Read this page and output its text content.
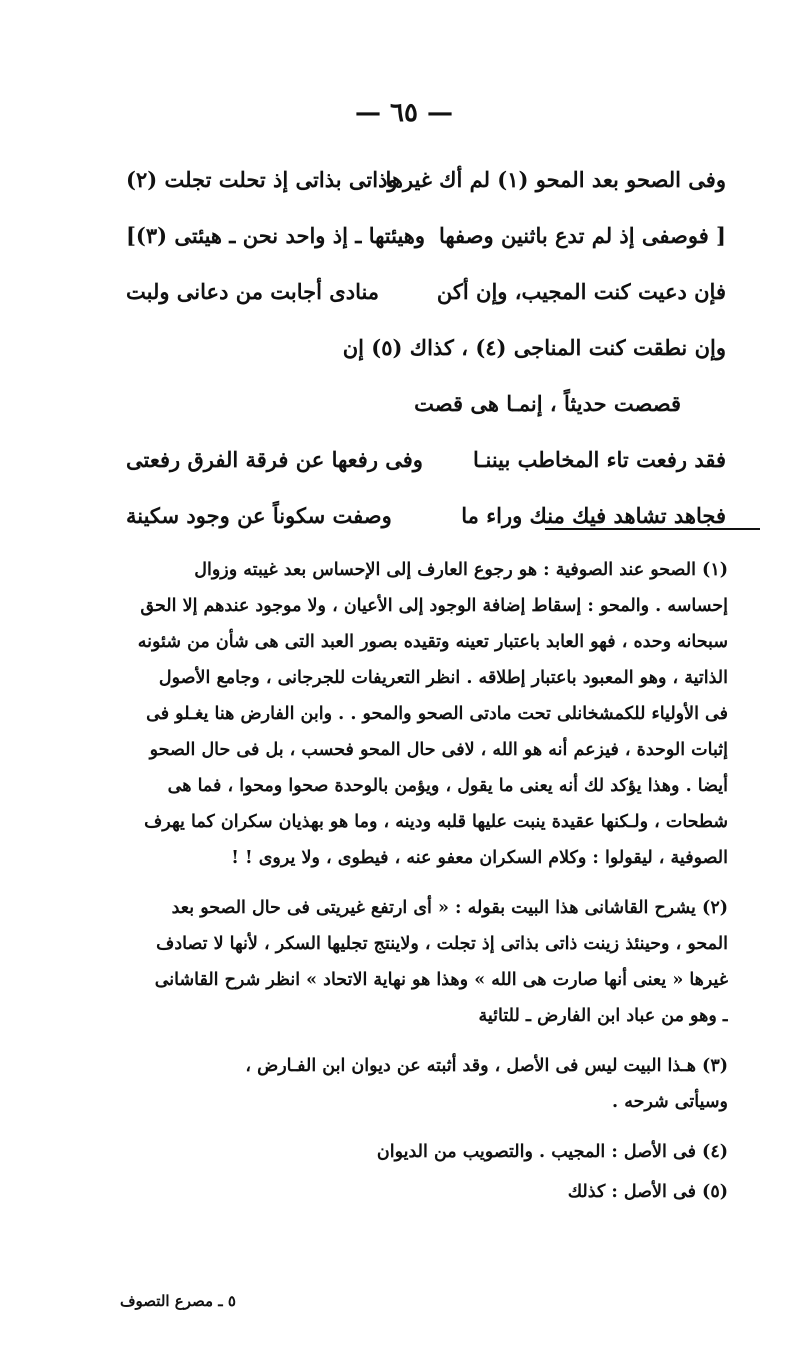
— ٦٥ —
وفى الصحو بعد المحو (١) لم أك غيرها
وذاتى بذاتى إذ تحلت تجلت (٢)
[ فوصفى إذ لم تدع باثنين وصفها
وهيئتها ـ إذ واحد نحن ـ هيئتى (٣)]
فإن دعيت كنت المجيب، وإن أكن
منادى أجابت من دعانى ولبت
وإن نطقت كنت المناجى (٤) ، كذاك (٥) إن
قصصت حديثاً ، إنمـا هى قصت
فقد رفعت تاء المخاطب بيننـا
وفى رفعها عن فرقة الفرق رفعتى
فجاهد تشاهد فيك منك وراء ما
وصفت سكوناً عن وجود سكينة
(١) الصحو عند الصوفية : هو رجوع العارف إلى الإحساس بعد غيبته وزوال
إحساسه . والمحو : إسقاط إضافة الوجود إلى الأعيان ، ولا موجود عندهم إلا الحق
سبحانه وحده ، فهو العابد باعتبار تعينه وتقيده بصور العبد التى هى شأن من شئونه
الذاتية ، وهو المعبود باعتبار إطلاقه . انظر التعريفات للجرجانى ، وجامع الأصول
فى الأولياء للكمشخانلى تحت مادتى الصحو والمحو . . وابن الفارض هنا يغـلو فى
إثبات الوحدة ، فيزعم أنه هو الله ، لافى حال المحو فحسب ، بل فى حال الصحو
أيضا . وهذا يؤكد لك أنه يعنى ما يقول ، ويؤمن بالوحدة صحوا ومحوا ، فما هى
شطحات ، ولـكنها عقيدة ينبت عليها قلبه ودينه ، وما هو بهذيان سكران كما يهرف
الصوفية ، ليقولوا : وكلام السكران معفو عنه ، فيطوى ، ولا يروى ! !
(٢) يشرح القاشانى هذا البيت بقوله : « أى ارتفع غيريتى فى حال الصحو بعد
المحو ، وحينئذ زينت ذاتى بذاتى إذ تجلت ، ولاينتج تجليها السكر ، لأنها لا تصادف
غيرها « يعنى أنها صارت هى الله » وهذا هو نهاية الاتحاد » انظر شرح القاشانى
ـ وهو من عباد ابن الفارض ـ للتائية
(٣) هـذا البيت ليس فى الأصل ، وقد أثبته عن ديوان ابن الفـارض ،
وسيأتى شرحه .
(٤) فى الأصل : المجيب . والتصويب من الديوان
(٥) فى الأصل : كذلك
٥ ـ مصرع التصوف
